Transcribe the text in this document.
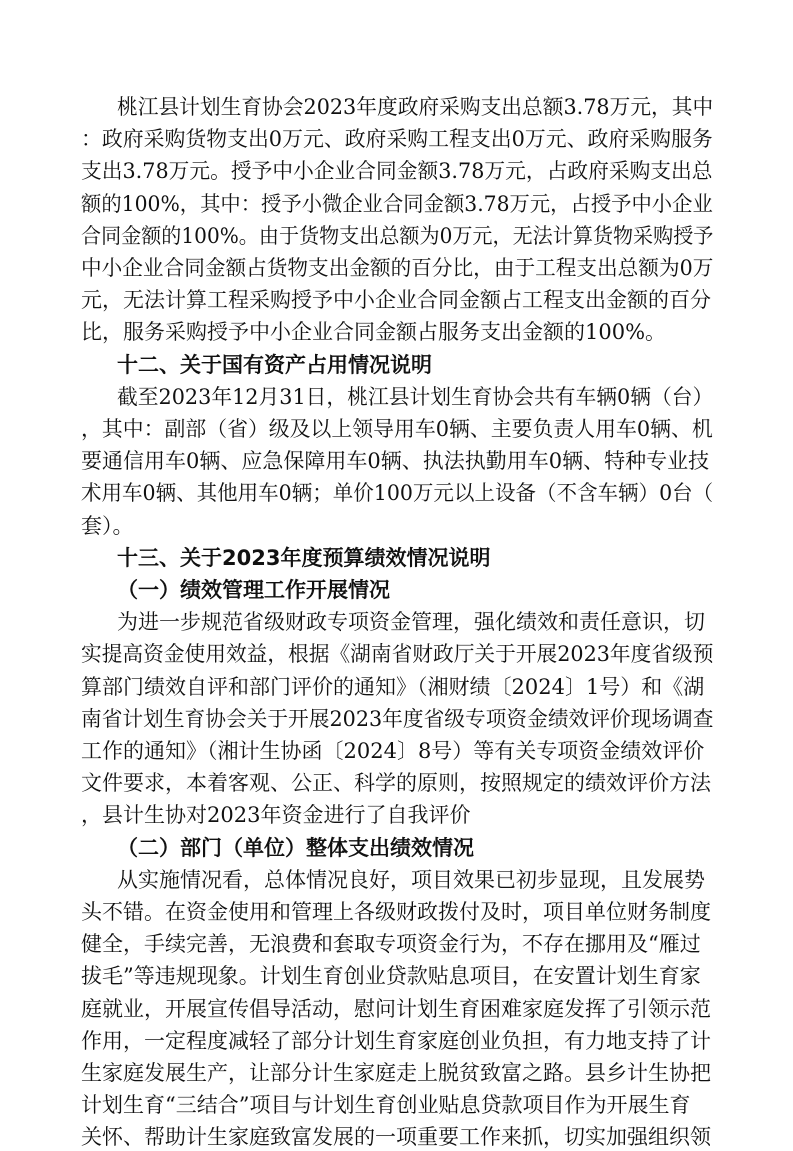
桃江县计划生育协会2023年度政府采购支出总额3.78万元，其中
：政府采购货物支出0万元、政府采购工程支出0万元、政府采购服务
支出3.78万元。授予中小企业合同金额3.78万元，占政府采购支出总
额的100%，其中：授予小微企业合同金额3.78万元，占授予中小企业
合同金额的100%。由于货物支出总额为0万元，无法计算货物采购授予
中小企业合同金额占货物支出金额的百分比，由于工程支出总额为0万
元，无法计算工程采购授予中小企业合同金额占工程支出金额的百分
比，服务采购授予中小企业合同金额占服务支出金额的100%。
十二、关于国有资产占用情况说明
截至2023年12月31日，桃江县计划生育协会共有车辆0辆（台）
，其中：副部（省）级及以上领导用车0辆、主要负责人用车0辆、机
要通信用车0辆、应急保障用车0辆、执法执勤用车0辆、特种专业技
术用车0辆、其他用车0辆；单价100万元以上设备（不含车辆）0台（
套）。
十三、关于2023年度预算绩效情况说明
（一）绩效管理工作开展情况
为进一步规范省级财政专项资金管理，强化绩效和责任意识，切
实提高资金使用效益，根据《湖南省财政厅关于开展2023年度省级预
算部门绩效自评和部门评价的通知》（湘财绩〔2024〕1号）和《湖
南省计划生育协会关于开展2023年度省级专项资金绩效评价现场调查
工作的通知》（湘计生协函〔2024〕8号）等有关专项资金绩效评价
文件要求，本着客观、公正、科学的原则，按照规定的绩效评价方法
，县计生协对2023年资金进行了自我评价
（二）部门（单位）整体支出绩效情况
从实施情况看，总体情况良好，项目效果已初步显现，且发展势
头不错。在资金使用和管理上各级财政拨付及时，项目单位财务制度
健全，手续完善，无浪费和套取专项资金行为，不存在挪用及“雁过
拔毛”等违规现象。计划生育创业贷款贴息项目，在安置计划生育家
庭就业，开展宣传倡导活动，慰问计划生育困难家庭发挥了引领示范
作用，一定程度减轻了部分计划生育家庭创业负担，有力地支持了计
生家庭发展生产，让部分计生家庭走上脱贫致富之路。县乡计生协把
计划生育“三结合”项目与计划生育创业贴息贷款项目作为开展生育
关怀、帮助计生家庭致富发展的一项重要工作来抓，切实加强组织领
